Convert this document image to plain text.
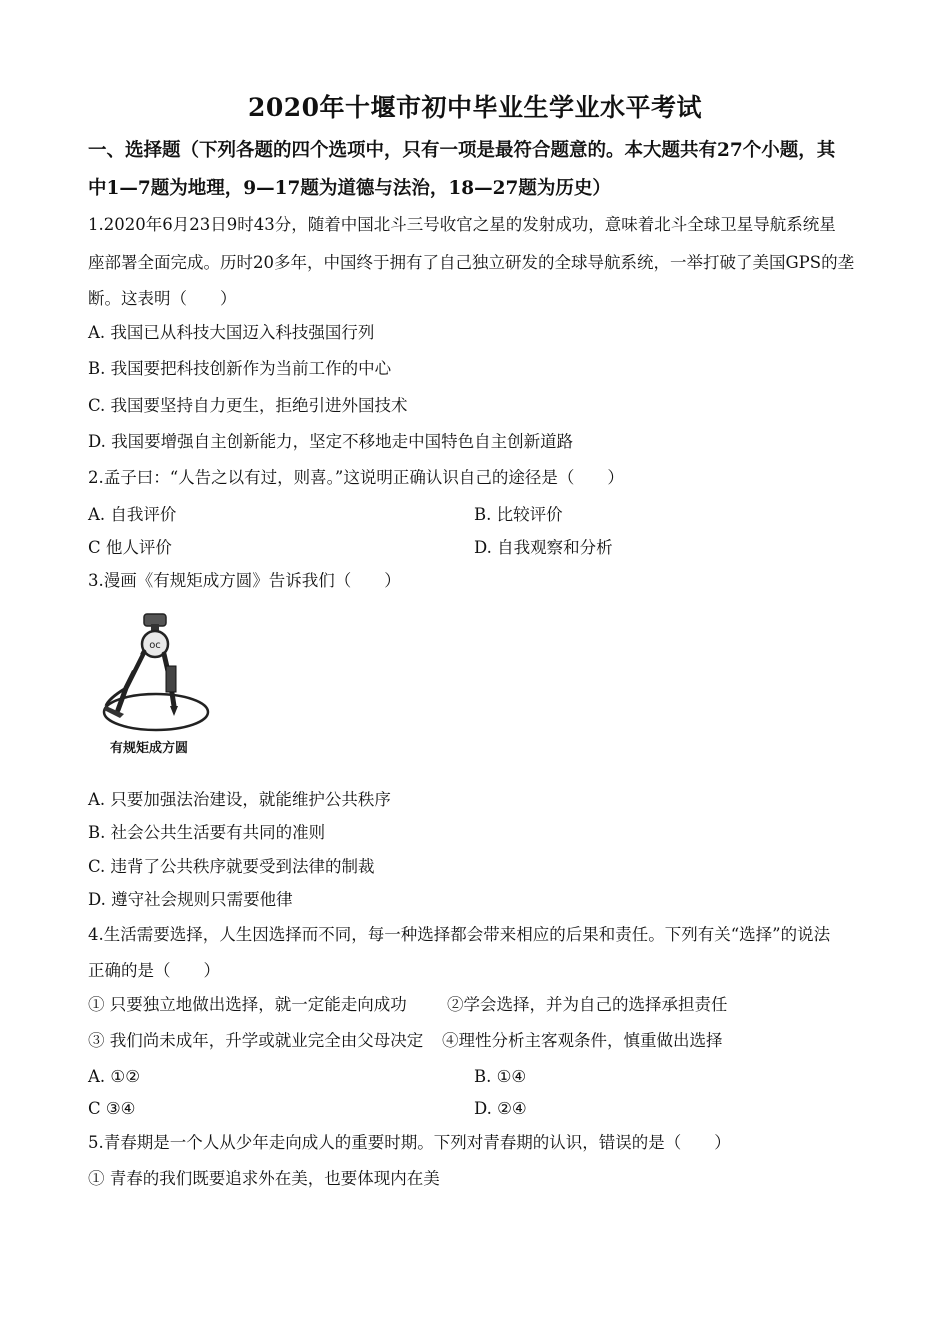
2020年十堰市初中毕业生学业水平考试
一、选择题（下列各题的四个选项中，只有一项是最符合题意的。本大题共有27个小题，其
中1—7题为地理，9—17题为道德与法治，18—27题为历史）
1.2020年6月23日9时43分，随着中国北斗三号收官之星的发射成功，意味着北斗全球卫星导航系统星
座部署全面完成。历时20多年，中国终于拥有了自己独立研发的全球导航系统，一举打破了美国GPS的垄
断。这表明（　　）
A. 我国已从科技大国迈入科技强国行列
B. 我国要把科技创新作为当前工作的中心
C. 我国要坚持自力更生，拒绝引进外国技术
D. 我国要增强自主创新能力，坚定不移地走中国特色自主创新道路
2.孟子曰：“人告之以有过，则喜。”这说明正确认识自己的途径是（　　）
A. 自我评价	B. 比较评价
C 他人评价	D. 自我观察和分析
3.漫画《有规矩成方圆》告诉我们（　　）
oc
有规矩成方圆
A. 只要加强法治建设，就能维护公共秩序
B. 社会公共生活要有共同的准则
C. 违背了公共秩序就要受到法律的制裁
D. 遵守社会规则只需要他律
4.生活需要选择，人生因选择而不同，每一种选择都会带来相应的后果和责任。下列有关“选择”的说法
正确的是（　　）
① 只要独立地做出选择，就一定能走向成功	②学会选择，并为自己的选择承担责任
③ 我们尚未成年，升学或就业完全由父母决定	④理性分析主客观条件，慎重做出选择
A. ①②	B. ①④
C ③④	D. ②④
5.青春期是一个人从少年走向成人的重要时期。下列对青春期的认识，错误的是（　　）
① 青春的我们既要追求外在美，也要体现内在美
